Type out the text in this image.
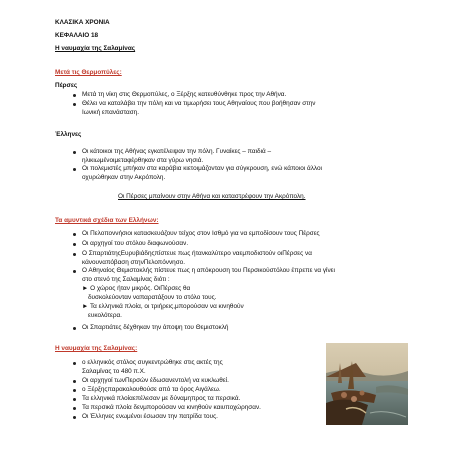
ΚΛΑΣΙΚΑ ΧΡΟΝΙΑ
ΚΕΦΑΛΑΙΟ 18
Η ναυμαχία της Σαλαμίνας
Μετά τις Θερμοπύλες:
Πέρσες
Μετά τη νίκη στις Θερμοπύλες, ο Ξέρξης κατευθύνθηκε προς την Αθήνα.
Θέλει να καταλάβει την πόλη και να τιμωρήσει τους Αθηναίους που βοήθησαν στην
Ιωνική επανάσταση.
Έλληνες
Οι κάτοικοι της Αθήνας εγκατέλειψαν την πόλη. Γυναίκες – παιδιά –
ηλικιωμένοιμεταφέρθηκαν στα γύρω νησιά.
Οι πολεμιστές μπήκαν στα καράβια κιετοιμάζονταν για σύγκρουση, ενώ κάποιοι άλλοι
οχυρώθηκαν στην Ακρόπολη.
Οι Πέρσες μπαίνουν στην Αθήνα και καταστρέφουν την Ακρόπολη.
Τα αμυντικά σχέδια των Ελλήνων:
Οι Πελοποννήσιοι κατασκευάζουν τείχος στον Ισθμό για να εμποδίσουν τους Πέρσες
Οι αρχηγοί του στόλου διαφωνούσαν.
Ο ΣπαρτιάτηςΕυρυβιάδηςπίστευε πως ήτανκαλύτερο ναεμποδιστούν οιΠέρσες να
κάνουναπόβαση στηνΠελοπόννησο.
Ο Αθηναίος Θεμιστοκλής πίστευε πως η απόκρουση του Περσικούστόλου έπρεπε να γίνει
στο στενό της Σαλαμίνας διότι :
► Ο χώρος ήταν μικρός. ΟιΠέρσες θα
δυσκολεύονταν ναπαρατάξουν το στόλο τους.
► Τα ελληνικά πλοία, οι τριήρεις,μπορούσαν να κινηθούν
ευκολότερα.
Οι Σπαρτιάτες δέχθηκαν την άποψη του Θεμιστοκλή
Η ναυμαχία της Σαλαμίνας:
ο ελληνικός στόλος συγκεντρώθηκε στις ακτές της
Σαλαμίνας το 480 π.Χ.
Οι αρχηγοί τωνΠερσών έδωσανεντολή να κυκλωθεί.
ο Ξέρξηςπαρακολουθούσε από τα όρος Αιγάλεω.
Τα ελληνικά πλοίαεπέλεσαν με δύναμηπρος τα περσικά.
Τα περσικά πλοία δενμπορούσαν να κινηθούν καιυποχώρησαν.
Οι Έλληνες ενωμένοι έσωσαν την πατρίδα τους.
